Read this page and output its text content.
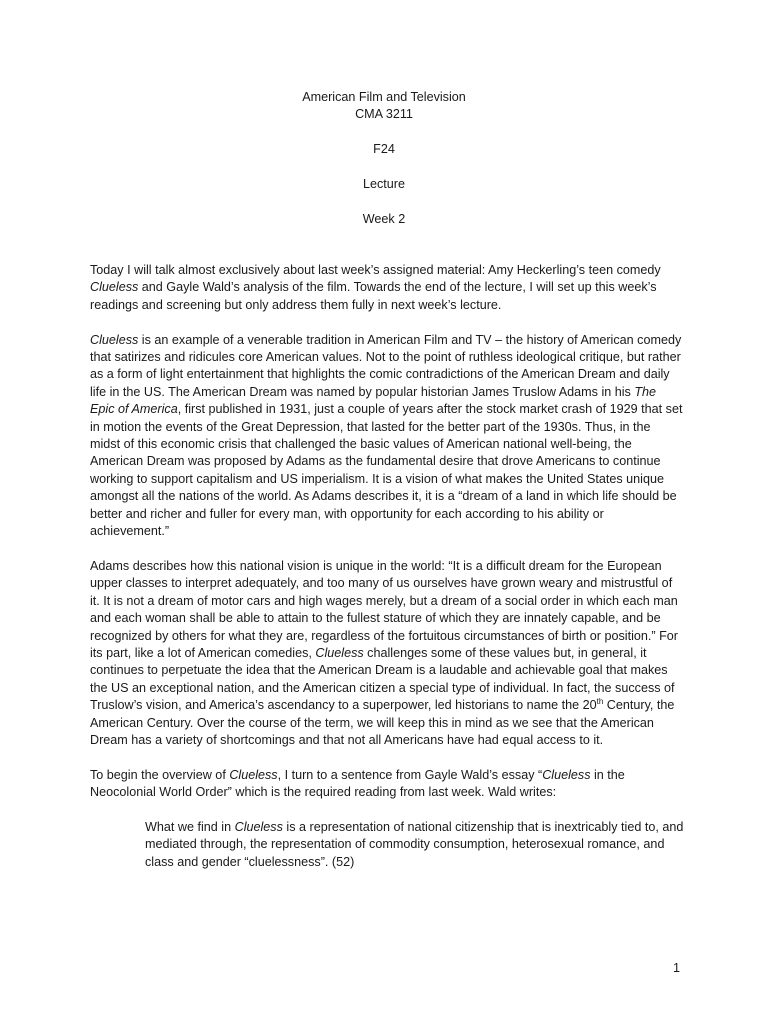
American Film and Television

CMA 3211

F24

Lecture

Week 2

Today I will talk almost exclusively about last week’s assigned material: Amy Heckerling’s teen comedy Clueless and Gayle Wald’s analysis of the film. Towards the end of the lecture, I will set up this week’s readings and screening but only address them fully in next week’s lecture.

Clueless is an example of a venerable tradition in American Film and TV – the history of American comedy that satirizes and ridicules core American values. Not to the point of ruthless ideological critique, but rather as a form of light entertainment that highlights the comic contradictions of the American Dream and daily life in the US. The American Dream was named by popular historian James Truslow Adams in his The Epic of America, first published in 1931, just a couple of years after the stock market crash of 1929 that set in motion the events of the Great Depression, that lasted for the better part of the 1930s. Thus, in the midst of this economic crisis that challenged the basic values of American national well-being, the American Dream was proposed by Adams as the fundamental desire that drove Americans to continue working to support capitalism and US imperialism. It is a vision of what makes the United States unique amongst all the nations of the world. As Adams describes it, it is a “dream of a land in which life should be better and richer and fuller for every man, with opportunity for each according to his ability or achievement.”

Adams describes how this national vision is unique in the world: “It is a difficult dream for the European upper classes to interpret adequately, and too many of us ourselves have grown weary and mistrustful of it. It is not a dream of motor cars and high wages merely, but a dream of a social order in which each man and each woman shall be able to attain to the fullest stature of which they are innately capable, and be recognized by others for what they are, regardless of the fortuitous circumstances of birth or position.” For its part, like a lot of American comedies, Clueless challenges some of these values but, in general, it continues to perpetuate the idea that the American Dream is a laudable and achievable goal that makes the US an exceptional nation, and the American citizen a special type of individual. In fact, the success of Truslow’s vision, and America’s ascendancy to a superpower, led historians to name the 20th Century, the American Century. Over the course of the term, we will keep this in mind as we see that the American Dream has a variety of shortcomings and that not all Americans have had equal access to it.

To begin the overview of Clueless, I turn to a sentence from Gayle Wald’s essay “Clueless in the Neocolonial World Order” which is the required reading from last week. Wald writes:

What we find in Clueless is a representation of national citizenship that is inextricably tied to, and mediated through, the representation of commodity consumption, heterosexual romance, and class and gender “cluelessness”. (52)

1
